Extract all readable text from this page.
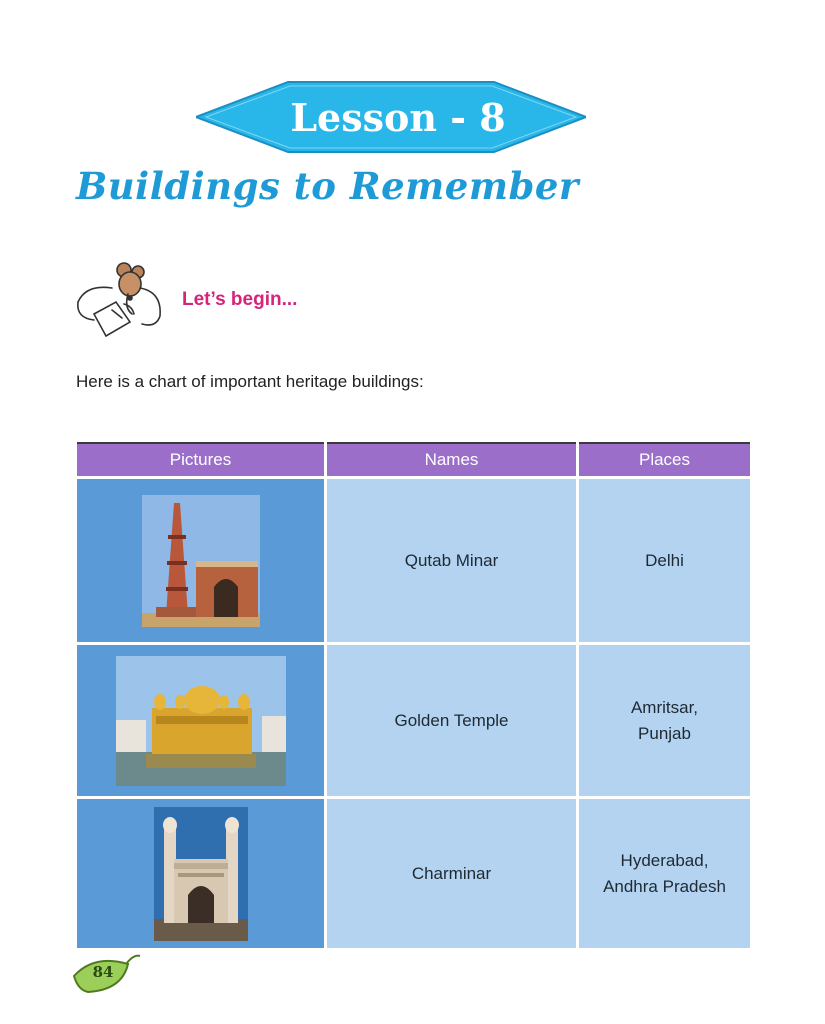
Lesson - 8
Buildings to Remember
Let’s begin...
Here is a chart of important heritage buildings:
Pictures	Names	Places

	Qutab Minar	Delhi

	Golden Temple	Amritsar,
Punjab

	Charminar	Hyderabad,
Andhra Pradesh
84
